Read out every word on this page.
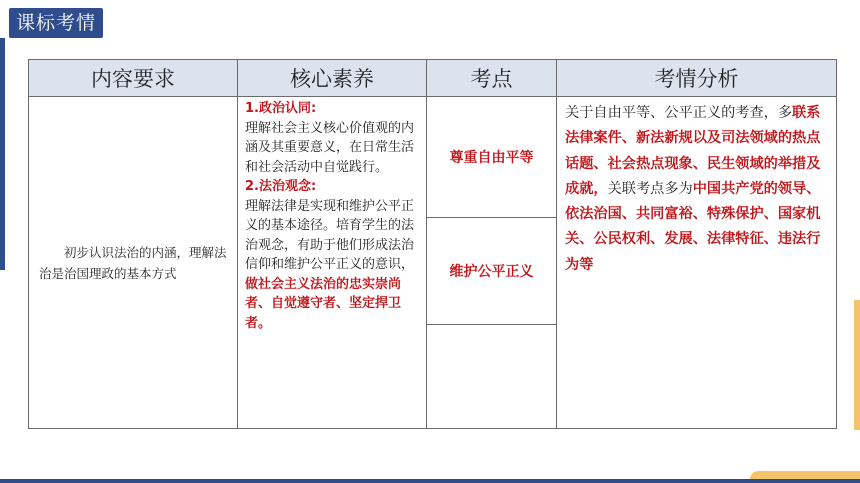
课标考情
内容要求	核心素养	考点	考情分析

初步认识法治的内涵，理解法治是治国理政的基本方式	1.政治认同:
理解社会主义核心价值观的内涵及其重要意义，在日常生活和社会活动中自觉践行。
2.法治观念:
理解法律是实现和维护公平正义的基本途径。培育学生的法治观念，有助于他们形成法治信仰和维护公平正义的意识，做社会主义法治的忠实崇尚者、自觉遵守者、坚定捍卫者。	尊重自由平等	关于自由平等、公平正义的考查，多联系法律案件、新法新规以及司法领域的热点话题、社会热点现象、民生领域的举措及成就，关联考点多为中国共产党的领导、依法治国、共同富裕、特殊保护、国家机关、公民权利、发展、法律特征、违法行为等
		维护公平正义	
